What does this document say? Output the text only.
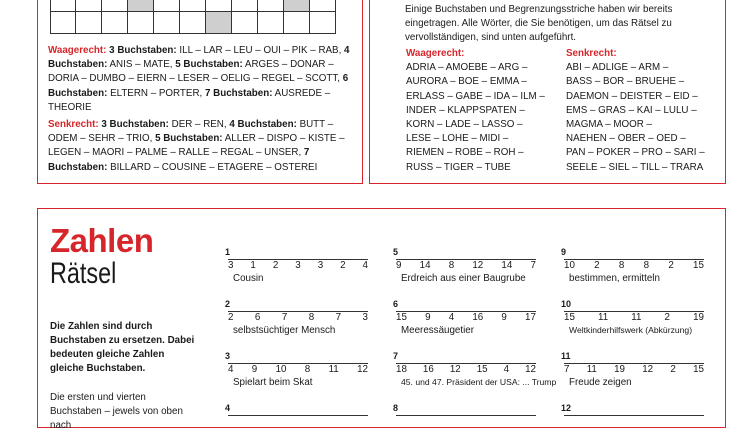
Waagerecht: 3 Buchstaben: ILL – LAR – LEU – OUI – PIK – RAB, 4 Buchstaben: ANIS – MATE, 5 Buchstaben: ARGES – DONAR – DORIA – DUMBO – EIERN – LESER – OELIG – REGEL – SCOTT, 6 Buchstaben: ELTERN – PORTER, 7 Buchstaben: AUSREDE – THEORIE
Senkrecht: 3 Buchstaben: DER – REN, 4 Buchstaben: BUTT – ODEM – SEHR – TRIO, 5 Buchstaben: ALLER – DISPO – KISTE – LEGEN – MAORI – PALME – RALLE – REGAL – UNSER, 7 Buchstaben: BILLARD – COUSINE – ETAGERE – OSTEREI
Einige Buchstaben und Begrenzungsstriche haben wir bereits eingetragen. Alle Wörter, die Sie benötigen, um das Rätsel zu vervollständigen, sind unten aufgeführt.
Waagerecht:
ADRIA – AMOEBE – ARG –
AURORA – BOE – EMMA –
ERLASS – GABE – IDA – ILM –
INDER – KLAPPSPATEN –
KORN – LADE – LASSO –
LESE – LOHE – MIDI –
RIEMEN – ROBE – ROH –
RUSS – TIGER – TUBE
Senkrecht:
ABI – ADLIGE – ARM –
BASS – BOR – BRUEHE –
DAEMON – DEISTER – EID –
EMS – GRAS – KAI – LULU –
MAGMA – MOOR –
NAEHEN – OBER – OED –
PAN – POKER – PRO – SARI –
SEELE – SIEL – TILL – TRARA
Zahlen
Rätsel
Die Zahlen sind durch Buchstaben zu ersetzen. Dabei bedeuten gleiche Zahlen gleiche Buchstaben.
Die ersten und vierten Buchstaben – jewels von oben nach
1
3 1 2 3 3 2 4
Cousin
2
2 6 7 8 7 3
selbstsüchtiger Mensch
3
4 9 10 8 11 12
Spielart beim Skat
4
5
9 14 8 12 14 7
Erdreich aus einer Baugrube
6
15 9 4 16 9 17
Meeressäugetier
7
18 16 12 15 4 12
45. und 47. Präsident der USA: ... Trump
8
9
10 2 8 8 2 15
bestimmen, ermitteln
10
15 11 11 2 19
Weltkinderhilfswerk (Abkürzung)
11
7 11 19 12 2 15
Freude zeigen
12
